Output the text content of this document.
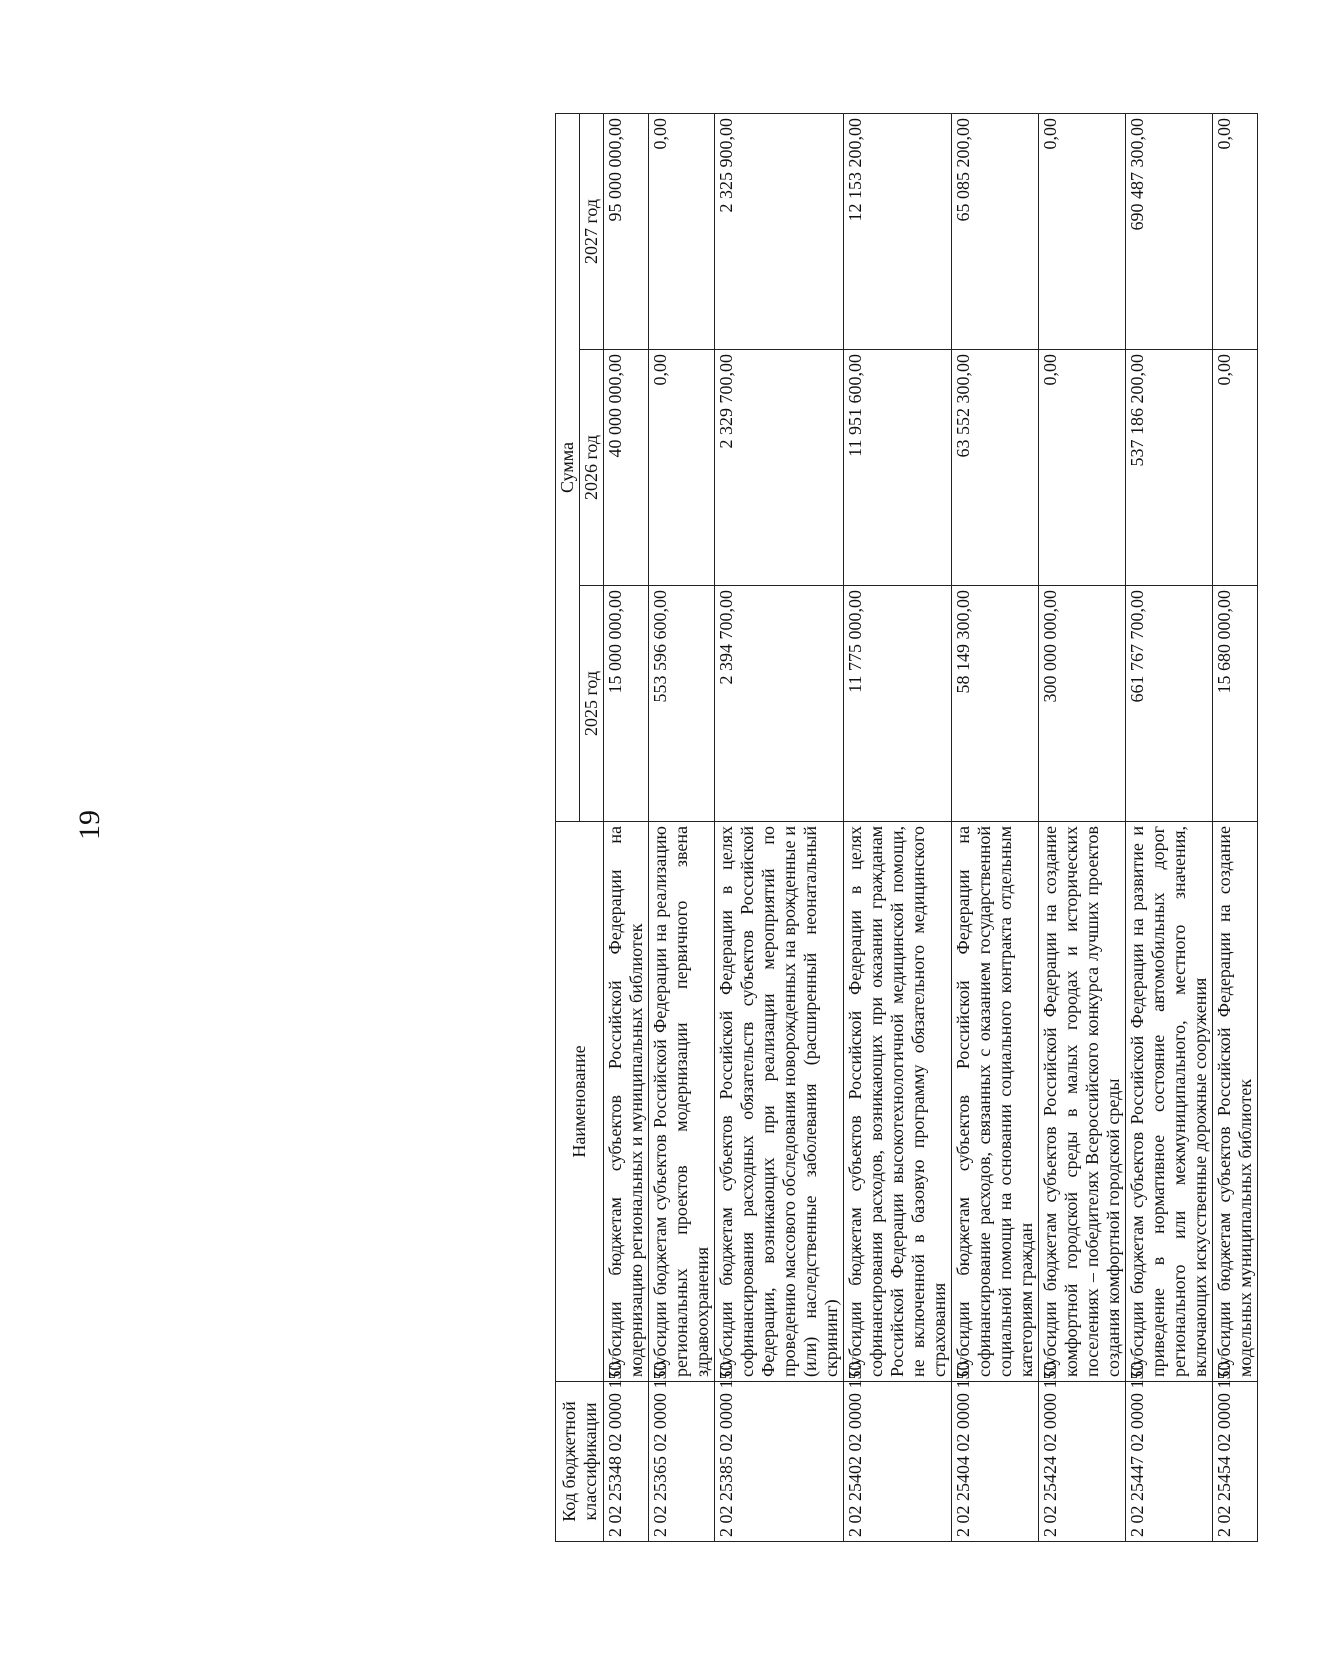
19
Код бюджетной классификации	Наименование	Сумма		
		2025 год	2026 год	2027 год
2 02 25348 02 0000 150	Субсидии бюджетам субъектов Российской Федерации на модернизацию региональных и муниципальных библиотек	15 000 000,00	40 000 000,00	95 000 000,00
2 02 25365 02 0000 150	Субсидии бюджетам субъектов Российской Федерации на реализацию региональных проектов модернизации первичного звена здравоохранения	553 596 600,00	0,00	0,00
2 02 25385 02 0000 150	Субсидии бюджетам субъектов Российской Федерации в целях софинансирования расходных обязательств субъектов Российской Федерации, возникающих при реализации мероприятий по проведению массового обследования новорожденных на врожденные и (или) наследственные заболевания (расширенный неонатальный скрининг)	2 394 700,00	2 329 700,00	2 325 900,00
2 02 25402 02 0000 150	Субсидии бюджетам субъектов Российской Федерации в целях софинансирования расходов, возникающих при оказании гражданам Российской Федерации высокотехнологичной медицинской помощи, не включенной в базовую программу обязательного медицинского страхования	11 775 000,00	11 951 600,00	12 153 200,00
2 02 25404 02 0000 150	Субсидии бюджетам субъектов Российской Федерации на софинансирование расходов, связанных с оказанием государственной социальной помощи на основании социального контракта отдельным категориям граждан	58 149 300,00	63 552 300,00	65 085 200,00
2 02 25424 02 0000 150	Субсидии бюджетам субъектов Российской Федерации на создание комфортной городской среды в малых городах и исторических поселениях – победителях Всероссийского конкурса лучших проектов создания комфортной городской среды	300 000 000,00	0,00	0,00
2 02 25447 02 0000 150	Субсидии бюджетам субъектов Российской Федерации на развитие и приведение в нормативное состояние автомобильных дорог регионального или межмуниципального, местного значения, включающих искусственные дорожные сооружения	661 767 700,00	537 186 200,00	690 487 300,00
2 02 25454 02 0000 150	Субсидии бюджетам субъектов Российской Федерации на создание модельных муниципальных библиотек	15 680 000,00	0,00	0,00
